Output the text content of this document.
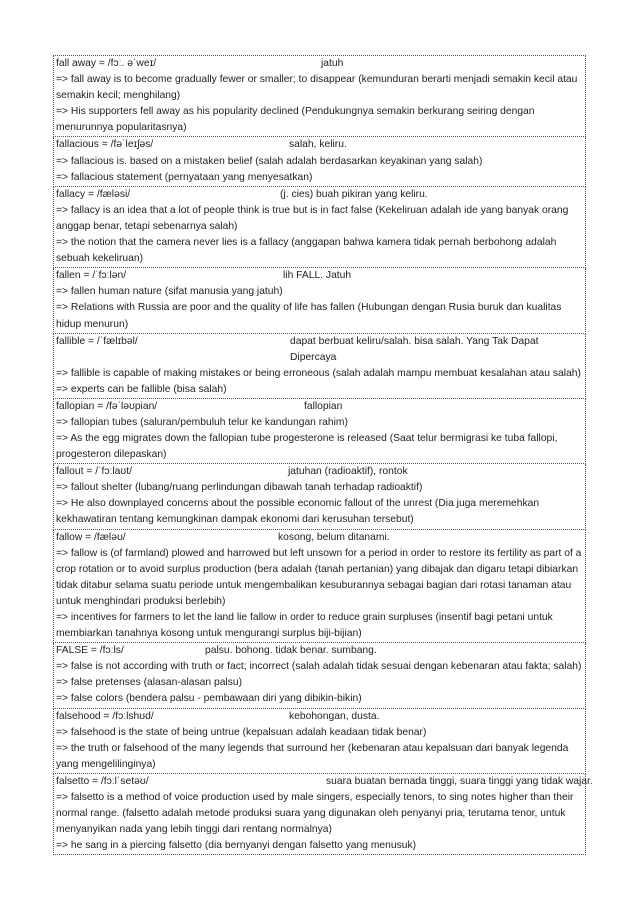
fall away = /fɔː. əˈweɪ/	jatuh

=> fall away is to become gradually fewer or smaller; to disappear (kemunduran berarti menjadi semakin kecil atau semakin kecil; menghilang)

=> His supporters fell away as his popularity declined (Pendukungnya semakin berkurang seiring dengan menurunnya popularitasnya)

fallacious = /fəˈleɪʃəs/	salah, keliru.

=> fallacious is. based on a mistaken belief (salah adalah berdasarkan keyakinan yang salah)

=> fallacious statement (pernyataan yang menyesatkan)

fallacy = /fæləsi/	(j. cies) buah pikiran yang keliru.

=> fallacy is an idea that a lot of people think is true but is in fact false (Kekeliruan adalah ide yang banyak orang anggap benar, tetapi sebenarnya salah)

=> the notion that the camera never lies is a fallacy (anggapan bahwa kamera tidak pernah berbohong adalah sebuah kekeliruan)

fallen = /ˈfɔːlən/	lih FALL. Jatuh

=> fallen human nature (sifat manusia yang jatuh)

=> Relations with Russia are poor and the quality of life has fallen (Hubungan dengan Rusia buruk dan kualitas hidup menurun)

fallible = /ˈfælɪbəl/	dapat berbuat keliru/salah. bisa salah. Yang Tak Dapat Dipercaya

=> fallible is capable of making mistakes or being erroneous (salah adalah mampu membuat kesalahan atau salah)

=> experts can be fallible (bisa salah)

fallopian = /fəˈləʊpian/	fallopian

=> fallopian tubes (saluran/pembuluh telur ke kandungan rahim)

=> As the egg migrates down the fallopian tube progesterone is released (Saat telur bermigrasi ke tuba fallopi, progesteron dilepaskan)

fallout = /ˈfɔːlaʊt/	jatuhan (radioaktif), rontok

=> fallout shelter (lubang/ruang perlindungan dibawah tanah terhadap radioaktif)

=> He also downplayed concerns about the possible economic fallout of the unrest (Dia juga meremehkan kekhawatiran tentang kemungkinan dampak ekonomi dari kerusuhan tersebut)

fallow = /fæləʊ/	kosong, belum ditanami.

=> fallow is (of farmland) plowed and harrowed but left unsown for a period in order to restore its fertility as part of a crop rotation or to avoid surplus production (bera adalah (tanah pertanian) yang dibajak dan digaru tetapi dibiarkan tidak ditabur selama suatu periode untuk mengembalikan kesuburannya sebagai bagian dari rotasi tanaman atau untuk menghindari produksi berlebih)

=> incentives for farmers to let the land lie fallow in order to reduce grain surpluses (insentif bagi petani untuk membiarkan tanahnya kosong untuk mengurangi surplus biji-bijian)

FALSE = /fɔːls/	palsu. bohong. tidak benar. sumbang.

=> false is not according with truth or fact; incorrect (salah adalah tidak sesuai dengan kebenaran atau fakta; salah)

=> false pretenses (alasan-alasan palsu)

=> false colors (bendera palsu - pembawaan diri yang dibikin-bikin)

falsehood = /fɔːlshʊd/	kebohongan, dusta.

=> falsehood is the state of being untrue (kepalsuan adalah keadaan tidak benar)

=> the truth or falsehood of the many legends that surround her (kebenaran atau kepalsuan dari banyak legenda yang mengelilinginya)

falsetto = /fɔːlˈsetəʊ/	suara buatan bernada tinggi, suara tinggi yang tidak wajar.

=> falsetto is a method of voice production used by male singers, especially tenors, to sing notes higher than their normal range. (falsetto adalah metode produksi suara yang digunakan oleh penyanyi pria, terutama tenor, untuk menyanyikan nada yang lebih tinggi dari rentang normalnya)

=> he sang in a piercing falsetto (dia bernyanyi dengan falsetto yang menusuk)
